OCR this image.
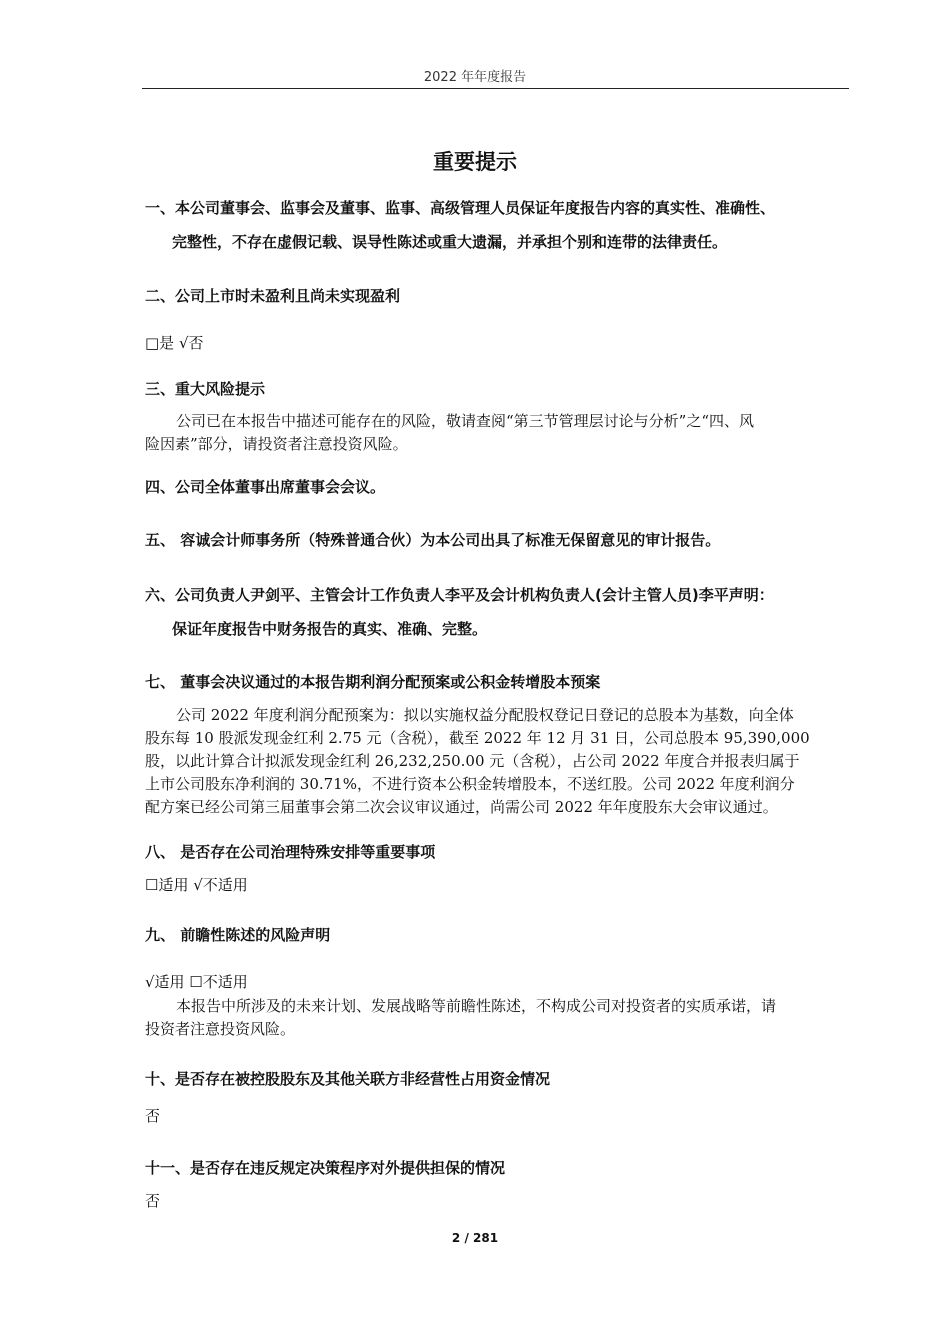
2022 年年度报告
重要提示
一、本公司董事会、监事会及董事、监事、高级管理人员保证年度报告内容的真实性、准确性、
完整性，不存在虚假记载、误导性陈述或重大遗漏，并承担个别和连带的法律责任。
二、公司上市时未盈利且尚未实现盈利
□是 √否
三、重大风险提示
公司已在本报告中描述可能存在的风险，敬请查阅“第三节管理层讨论与分析”之“四、风
险因素”部分，请投资者注意投资风险。
四、公司全体董事出席董事会会议。
五、 容诚会计师事务所（特殊普通合伙）为本公司出具了标准无保留意见的审计报告。
六、公司负责人尹剑平、主管会计工作负责人李平及会计机构负责人(会计主管人员)李平声明：
保证年度报告中财务报告的真实、准确、完整。
七、 董事会决议通过的本报告期利润分配预案或公积金转增股本预案
公司 2022 年度利润分配预案为：拟以实施权益分配股权登记日登记的总股本为基数，向全体
股东每 10 股派发现金红利 2.75 元（含税），截至 2022 年 12 月 31 日，公司总股本 95,390,000
股，以此计算合计拟派发现金红利 26,232,250.00 元（含税），占公司 2022 年度合并报表归属于
上市公司股东净利润的 30.71%，不进行资本公积金转增股本，不送红股。公司 2022 年度利润分
配方案已经公司第三届董事会第二次会议审议通过，尚需公司 2022 年年度股东大会审议通过。
八、 是否存在公司治理特殊安排等重要事项
☐适用 √不适用
九、 前瞻性陈述的风险声明
√适用 ☐不适用
本报告中所涉及的未来计划、发展战略等前瞻性陈述，不构成公司对投资者的实质承诺，请
投资者注意投资风险。
十、是否存在被控股股东及其他关联方非经营性占用资金情况
否
十一、是否存在违反规定决策程序对外提供担保的情况
否
2 / 281
